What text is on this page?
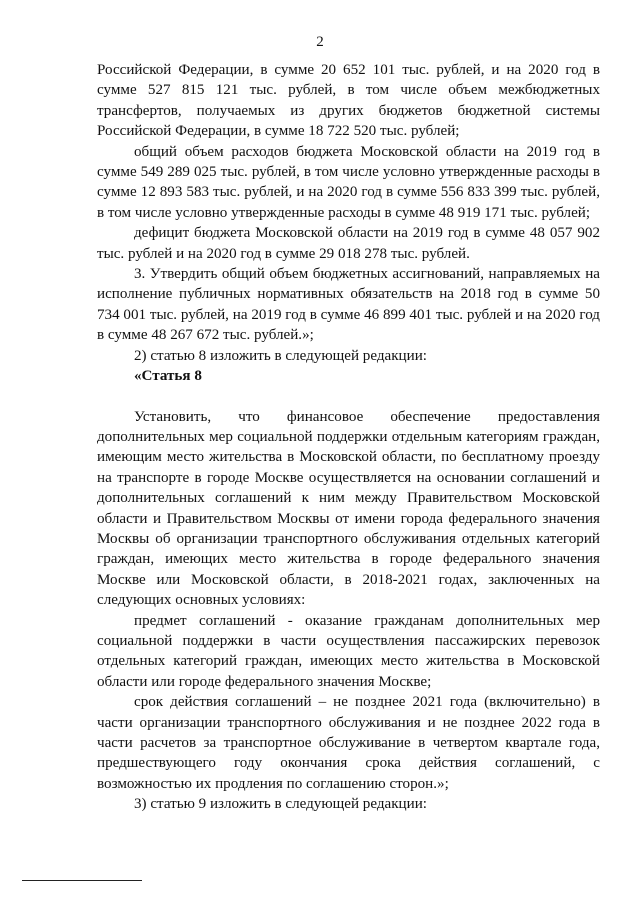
2

Российской Федерации, в сумме 20 652 101 тыс. рублей, и на 2020 год в сумме 527 815 121 тыс. рублей, в том числе объем межбюджетных трансфертов, получаемых из других бюджетов бюджетной системы Российской Федерации, в сумме 18 722 520 тыс. рублей;

общий объем расходов бюджета Московской области на 2019 год в сумме 549 289 025 тыс. рублей, в том числе условно утвержденные расходы в сумме 12 893 583 тыс. рублей, и на 2020 год в сумме 556 833 399 тыс. рублей, в том числе условно утвержденные расходы в сумме 48 919 171 тыс. рублей;

дефицит бюджета Московской области на 2019 год в сумме 48 057 902 тыс. рублей и на 2020 год в сумме 29 018 278 тыс. рублей.

3. Утвердить общий объем бюджетных ассигнований, направляемых на исполнение публичных нормативных обязательств на 2018 год в сумме 50 734 001 тыс. рублей, на 2019 год в сумме 46 899 401 тыс. рублей и на 2020 год в сумме 48 267 672 тыс. рублей.»;

2) статью 8 изложить в следующей редакции:

«Статья 8

Установить, что финансовое обеспечение предоставления дополнительных мер социальной поддержки отдельным категориям граждан, имеющим место жительства в Московской области, по бесплатному проезду на транспорте в городе Москве осуществляется на основании соглашений и дополнительных соглашений к ним между Правительством Московской области и Правительством Москвы от имени города федерального значения Москвы об организации транспортного обслуживания отдельных категорий граждан, имеющих место жительства в городе федерального значения Москве или Московской области, в 2018-2021 годах, заключенных на следующих основных условиях:

предмет соглашений - оказание гражданам дополнительных мер социальной поддержки в части осуществления пассажирских перевозок отдельных категорий граждан, имеющих место жительства в Московской области или городе федерального значения Москве;

срок действия соглашений – не позднее 2021 года (включительно) в части организации транспортного обслуживания и не позднее 2022 года в части расчетов за транспортное обслуживание в четвертом квартале года, предшествующего году окончания срока действия соглашений, с возможностью их продления по соглашению сторон.»;

3) статью 9 изложить в следующей редакции:
